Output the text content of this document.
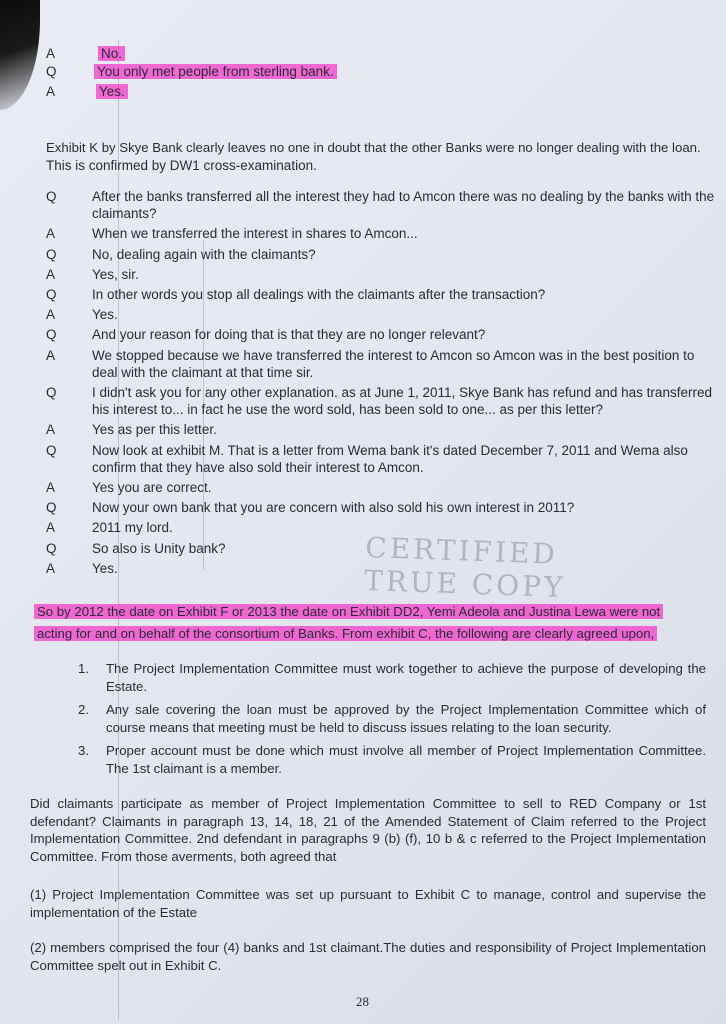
A	No.
Q	You only met people from sterling bank.
A	Yes.
Exhibit K by Skye Bank clearly leaves no one in doubt that the other Banks were no longer dealing with the loan.
This is confirmed by DW1 cross-examination.
Q	After the banks transferred all the interest they had to Amcon there was no dealing by the banks with the
claimants?
A	When we transferred the interest in shares to Amcon...
Q	No, dealing again with the claimants?
A	Yes, sir.
Q	In other words you stop all dealings with the claimants after the transaction?
A	Yes.
Q	And your reason for doing that is that they are no longer relevant?
A	We stopped because we have transferred the interest to Amcon so Amcon was in the best position to
deal with the claimant at that time sir.
Q	I didn't ask you for any other explanation. as at June 1, 2011, Skye Bank has refund and has transferred
his interest to... in fact he use the word sold, has been sold to one... as per this letter?
A	Yes as per this letter.
Q	Now look at exhibit M. That is a letter from Wema bank it's dated December 7, 2011 and Wema also
confirm that they have also sold their interest to Amcon.
A	Yes you are correct.
Q	Now your own bank that you are concern with also sold his own interest in 2011?
A	2011 my lord.
Q	So also is Unity bank?
A	Yes.	CERTIFIED TRUE COPY
So by 2012 the date on Exhibit F or 2013 the date on Exhibit DD2, Yemi Adeola and Justina Lewa were not
acting for and on behalf of the consortium of Banks. From exhibit C, the following are clearly agreed upon,
1.	The Project Implementation Committee must work together to achieve the purpose of developing the Estate.
2.	Any sale covering the loan must be approved by the Project Implementation Committee which of course means that meeting must be held to discuss issues relating to the loan security.
3.	Proper account must be done which must involve all member of Project Implementation Committee. The 1st claimant is a member.
Did claimants participate as member of Project Implementation Committee to sell to RED Company or 1st defendant? Claimants in paragraph 13, 14, 18, 21 of the Amended Statement of Claim referred to the Project Implementation Committee. 2nd defendant in paragraphs 9 (b) (f), 10 b & c referred to the Project Implementation Committee. From those averments, both agreed that
(1) Project Implementation Committee was set up pursuant to Exhibit C to manage, control and supervise the implementation of the Estate
(2) members comprised the four (4) banks and 1st claimant.The duties and responsibility of Project Implementation Committee spelt out in Exhibit C.
28
